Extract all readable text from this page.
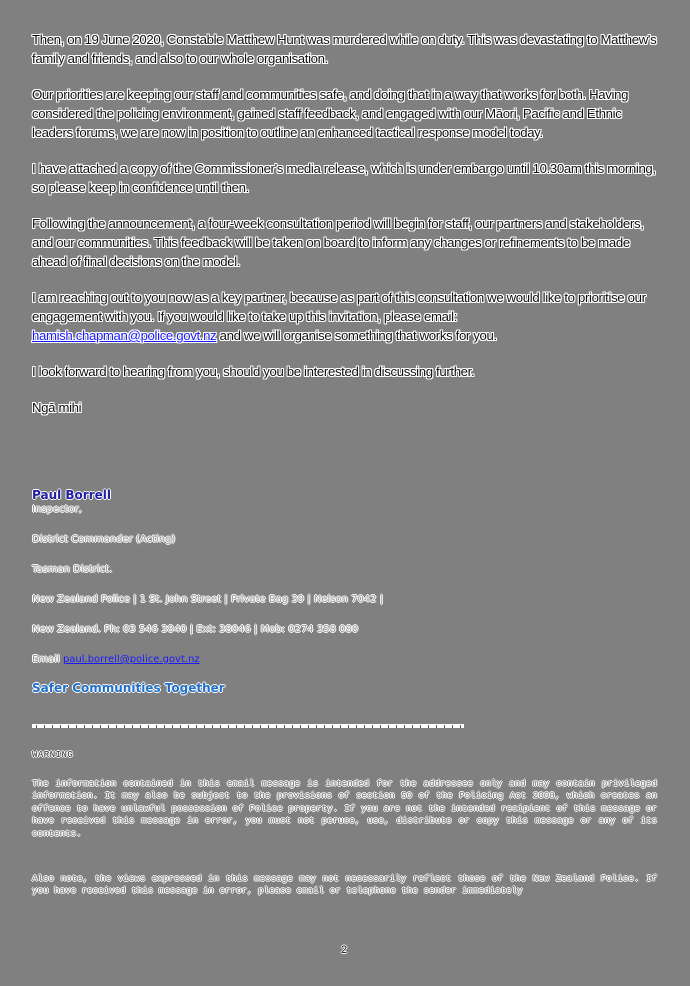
Then, on 19 June 2020, Constable Matthew Hunt was murdered while on duty. This was devastating to Matthew's family and friends, and also to our whole organisation.

Our priorities are keeping our staff and communities safe, and doing that in a way that works for both. Having considered the policing environment, gained staff feedback, and engaged with our Māori, Pacific and Ethnic leaders forums, we are now in position to outline an enhanced tactical response model today.

I have attached a copy of the Commissioner's media release, which is under embargo until 10.30am this morning, so please keep in confidence until then.

Following the announcement, a four-week consultation period will begin for staff, our partners and stakeholders, and our communities. This feedback will be taken on board to inform any changes or refinements to be made ahead of final decisions on the model.

I am reaching out to you now as a key partner, because as part of this consultation we would like to prioritise our engagement with you. If you would like to take up this invitation, please email:
hamish.chapman@police.govt.nz and we will organise something that works for you.

I look forward to hearing from you, should you be interested in discussing further.

Ngā mihi

Paul Borrell

Inspector,

District Commander (Acting)

Tasman District.

New Zealand Police | 1 St. John Street | Private Bag 39 | Nelson 7042 |

New Zealand. Ph: 03 546 3840 | Ext: 38046 | Mob: 0274 358 080

Email paul.borrell@police.govt.nz

Safer Communities Together
WARNING

The information contained in this email message is intended for the addressee only and may contain privileged information. It may also be subject to the provisions of section 50 of the Policing Act 2008, which creates an offence to have unlawful possession of Police property. If you are not the intended recipient of this message or have received this message in error, you must not peruse, use, distribute or copy this message or any of its contents.

Also note, the views expressed in this message may not necessarily reflect those of the New Zealand Police. If you have received this message in error, please email or telephone the sender immediately

2
